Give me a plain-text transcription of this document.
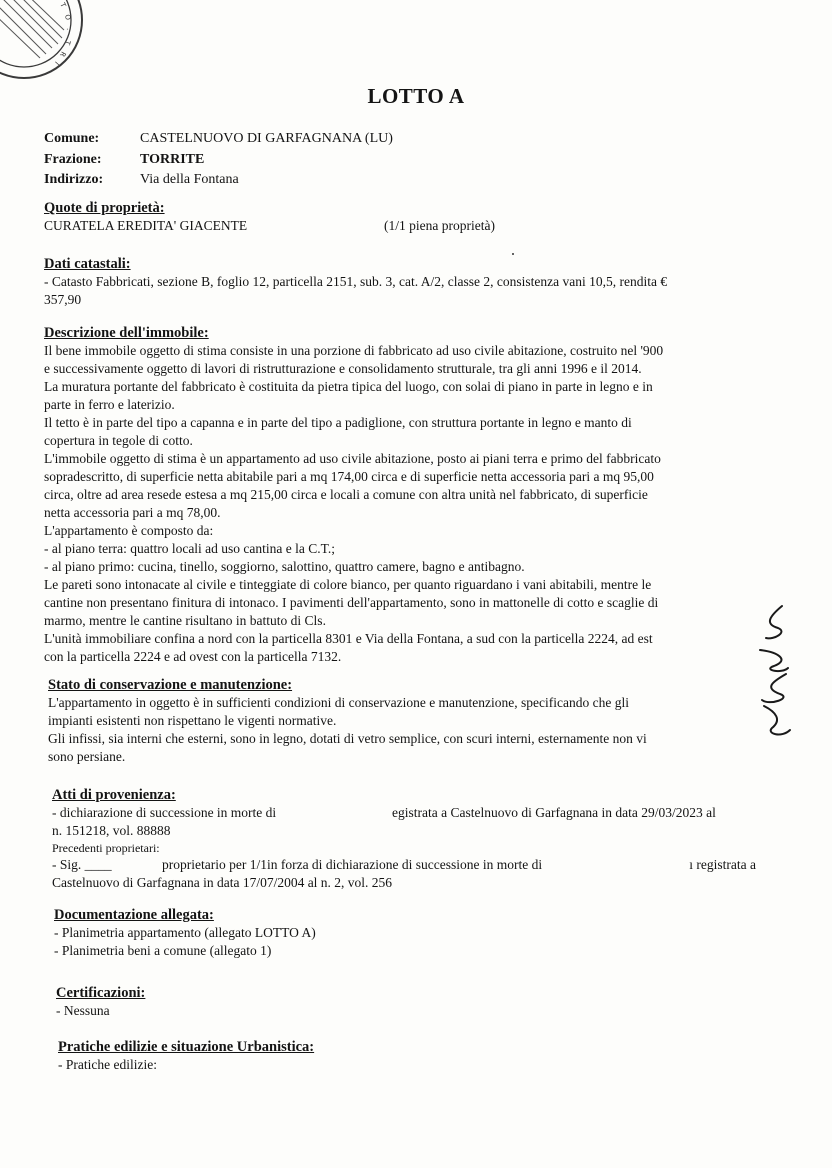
T
O
.
T
R
I
LOTTO A
Comune:	CASTELNUOVO DI GARFAGNANA (LU)
Frazione:	TORRITE
Indirizzo:	Via della Fontana
Quote di proprietà:
CURATELA EREDITA' GIACENTE	(1/1 piena proprietà)
Dati catastali:
- Catasto Fabbricati, sezione B, foglio 12, particella 2151, sub. 3, cat. A/2, classe 2, consistenza vani 10,5, rendita €
357,90
Descrizione dell'immobile:
Il bene immobile oggetto di stima consiste in una porzione di fabbricato ad uso civile abitazione, costruito nel '900
e successivamente oggetto di lavori di ristrutturazione e consolidamento strutturale, tra gli anni 1996 e il 2014.
La muratura portante del fabbricato è costituita da pietra tipica del luogo, con solai di piano in parte in legno e in
parte in ferro e laterizio.
Il tetto è in parte del tipo a capanna e in parte del tipo a padiglione, con struttura portante in legno e manto di
copertura in tegole di cotto.
L'immobile oggetto di stima è un appartamento ad uso civile abitazione, posto ai piani terra e primo del fabbricato
sopradescritto, di superficie netta abitabile pari a mq 174,00 circa e di superficie netta accessoria pari a mq 95,00
circa, oltre ad area resede estesa a mq 215,00 circa e locali a comune con altra unità nel fabbricato, di superficie
netta accessoria pari a mq 78,00.
L'appartamento è composto da:
- al piano terra: quattro locali ad uso cantina e la C.T.;
- al piano primo: cucina, tinello, soggiorno, salottino, quattro camere, bagno e antibagno.
Le pareti sono intonacate al civile e tinteggiate di colore bianco, per quanto riguardano i vani abitabili, mentre le
cantine non presentano finitura di intonaco. I pavimenti dell'appartamento, sono in mattonelle di cotto e scaglie di
marmo, mentre le cantine risultano in battuto di Cls.
L'unità immobiliare confina a nord con la particella 8301 e Via della Fontana, a sud con la particella 2224, ad est
con la particella 2224 e ad ovest con la particella 7132.
Stato di conservazione e manutenzione:
L'appartamento in oggetto è in sufficienti condizioni di conservazione e manutenzione, specificando che gli
impianti esistenti non rispettano le vigenti normative.
Gli infissi, sia interni che esterni, sono in legno, dotati di vetro semplice, con scuri interni, esternamente non vi
sono persiane.
Atti di provenienza:
- dichiarazione di successione in morte di	egistrata a Castelnuovo di Garfagnana in data 29/03/2023 al
n. 151218, vol. 88888
Precedenti proprietari:
- Sig. ____	proprietario per 1/1in forza di dichiarazione di successione in morte di	ı registrata a
Castelnuovo di Garfagnana in data 17/07/2004 al n. 2, vol. 256
Documentazione allegata:
- Planimetria appartamento (allegato LOTTO A)
- Planimetria beni a comune (allegato 1)
Certificazioni:
- Nessuna
Pratiche edilizie e situazione Urbanistica:
- Pratiche edilizie:
